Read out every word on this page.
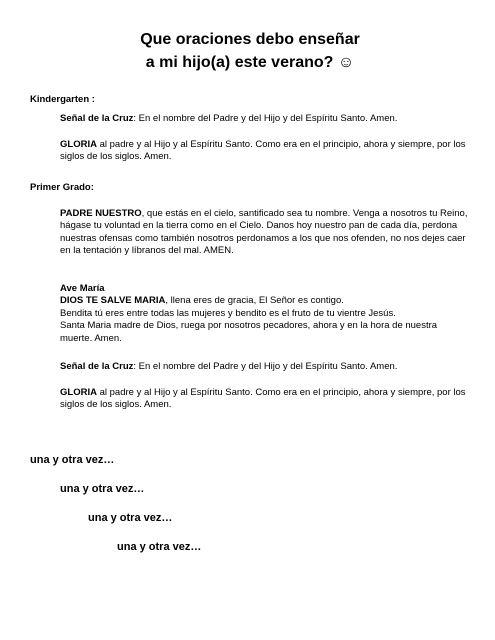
Que oraciones debo enseñar
a mi hijo(a) este verano? ☺
Kindergarten :
Señal de la Cruz: En el nombre del Padre y del Hijo y del Espíritu Santo. Amen.
GLORIA al padre y al Hijo y al Espíritu Santo. Como era en el principio, ahora y siempre, por los siglos de los siglos. Amen.
Primer Grado:
PADRE NUESTRO, que estás en el cielo, santificado sea tu nombre. Venga a nosotros tu Reino, hágase tu voluntad en la tierra como en el Cielo. Danos hoy nuestro pan de cada día, perdona nuestras ofensas como también nosotros perdonamos a los que nos ofenden, no nos dejes caer en la tentación y líbranos del mal. AMEN.
Ave María
DIOS TE SALVE MARIA, llena eres de gracia, El Señor es contigo.
Bendita tú eres entre todas las mujeres y bendito es el fruto de tu vientre Jesús.
Santa Maria madre de Dios, ruega por nosotros pecadores, ahora y en la hora de nuestra muerte. Amen.
Señal de la Cruz: En el nombre del Padre y del Hijo y del Espíritu Santo. Amen.
GLORIA al padre y al Hijo y al Espíritu Santo. Como era en el principio, ahora y siempre, por los siglos de los siglos. Amen.
una y otra vez…
una y otra vez…
una y otra vez…
una y otra vez…
